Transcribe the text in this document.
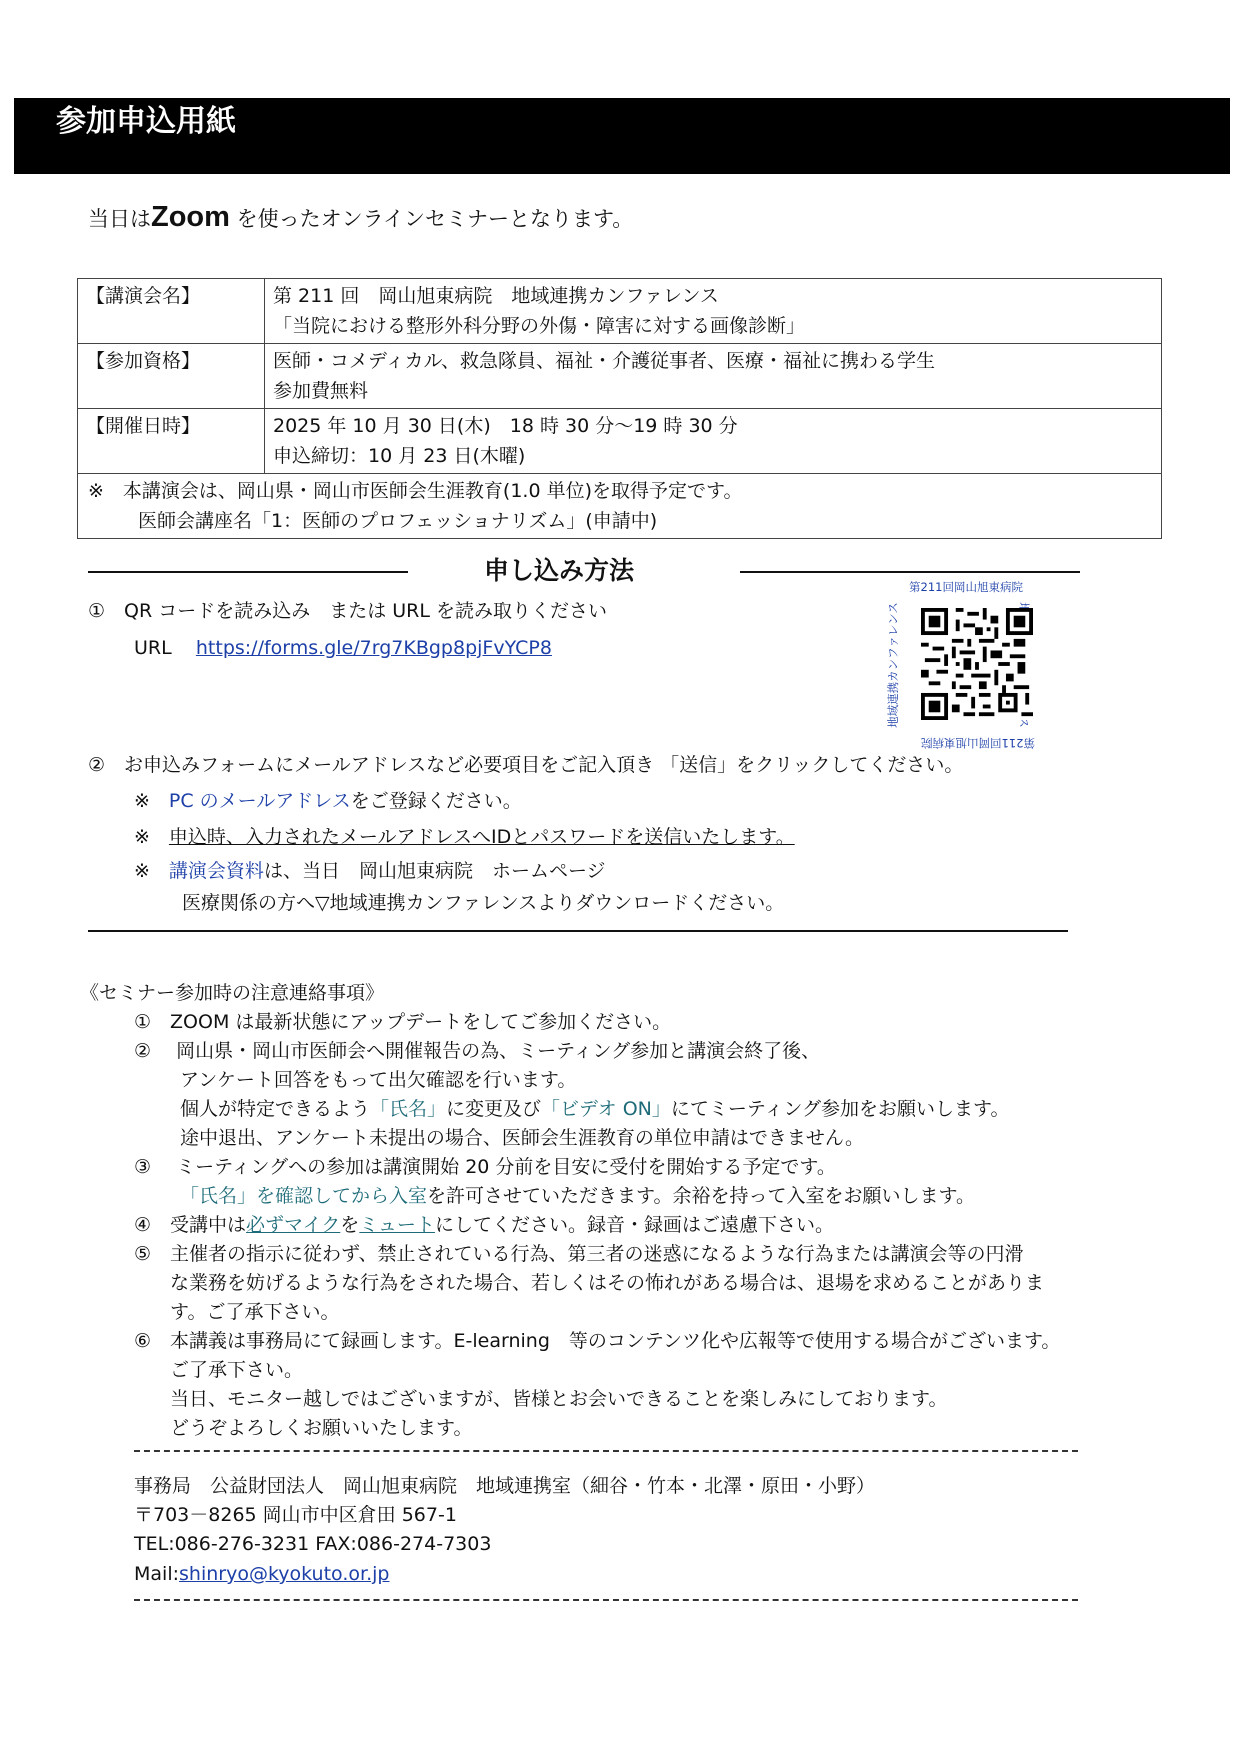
参加申込用紙
当日はZoom を使ったオンラインセミナーとなります。
【講演会名】	第 211 回　岡山旭東病院　地域連携カンファレンス
「当院における整形外科分野の外傷・障害に対する画像診断」

【参加資格】	医師・コメディカル、救急隊員、福祉・介護従事者、医療・福祉に携わる学生
参加費無料

【開催日時】	2025 年 10 月 30 日(木)　18 時 30 分～19 時 30 分
申込締切：10 月 23 日(木曜)

※　本講演会は、岡山県・岡山市医師会生涯教育(1.0 単位)を取得予定です。
医師会講座名「1：医師のプロフェッショナリズム」(申請中)	
申し込み方法
①　QR コードを読み込み　または URL を読み取りください
URL https://forms.gle/7rg7KBgp8pjFvYCP8
第211回岡山旭東病院
第211回岡山旭東病院
地域連携カンファレンス
②　お申込みフォームにメールアドレスなど必要項目をご記入頂き 「送信」をクリックしてください。
※　PC のメールアドレスをご登録ください。
※　申込時、入力されたメールアドレスへIDとパスワードを送信いたします。
※　講演会資料は、当日　岡山旭東病院　ホームページ
医療関係の方へ▽地域連携カンファレンスよりダウンロードください。
《セミナー参加時の注意連絡事項》
①　ZOOM は最新状態にアップデートをしてご参加ください。
②　 岡山県・岡山市医師会へ開催報告の為、ミーティング参加と講演会終了後、
アンケート回答をもって出欠確認を行います。
個人が特定できるよう「氏名」に変更及び「ビデオ ON」にてミーティング参加をお願いします。
途中退出、アンケート未提出の場合、医師会生涯教育の単位申請はできません。
③　 ミーティングへの参加は講演開始 20 分前を目安に受付を開始する予定です。
「氏名」を確認してから入室を許可させていただきます。余裕を持って入室をお願いします。
④　受講中は必ずマイクをミュートにしてください。録音・録画はご遠慮下さい。
⑤　主催者の指示に従わず、禁止されている行為、第三者の迷惑になるような行為または講演会等の円滑
な業務を妨げるような行為をされた場合、若しくはその怖れがある場合は、退場を求めることがありま
す。ご了承下さい。
⑥　本講義は事務局にて録画します。E-learning　等のコンテンツ化や広報等で使用する場合がございます。
ご了承下さい。
当日、モニター越しではございますが、皆様とお会いできることを楽しみにしております。
どうぞよろしくお願いいたします。
事務局　公益財団法人　岡山旭東病院　地域連携室（細谷・竹本・北澤・原田・小野）
〒703－8265 岡山市中区倉田 567-1
TEL:086-276-3231 FAX:086-274-7303
Mail:shinryo@kyokuto.or.jp
